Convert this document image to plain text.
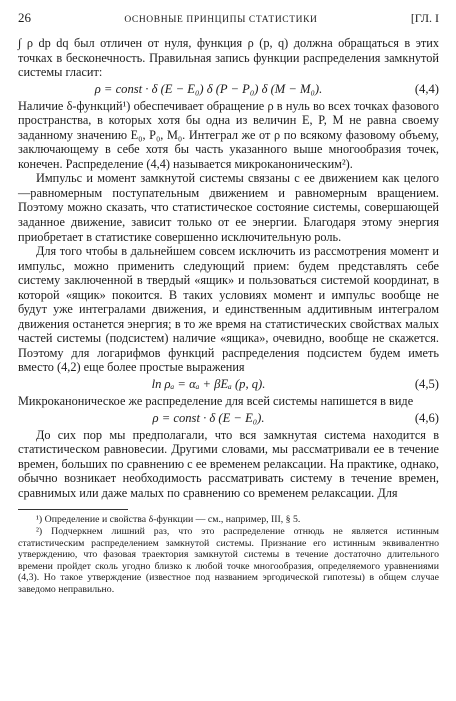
26	ОСНОВНЫЕ ПРИНЦИПЫ СТАТИСТИКИ	[ГЛ. I

∫ ρ dp dq был отличен от нуля, функция ρ (p, q) должна обращаться в этих точках в бесконечность. Правильная запись функции распределения замкнутой системы гласит:

ρ = const · δ (E − E₀) δ (P − P₀) δ (M − M₀).	(4,4)

Наличие δ-функций¹) обеспечивает обращение ρ в нуль во всех точках фазового пространства, в которых хотя бы одна из величин E, P, M не равна своему заданному значению E₀, P₀, M₀. Интеграл же от ρ по всякому фазовому объему, заключающему в себе хотя бы часть указанного выше многообразия точек, конечен. Распределение (4,4) называется микроканоническим²).

Импульс и момент замкнутой системы связаны с ее движением как целого—равномерным поступательным движением и равномерным вращением. Поэтому можно сказать, что статистическое состояние системы, совершающей заданное движение, зависит только от ее энергии. Благодаря этому энергия приобретает в статистике совершенно исключительную роль.

Для того чтобы в дальнейшем совсем исключить из рассмотрения момент и импульс, можно применить следующий прием: будем представлять себе систему заключенной в твердый «ящик» и пользоваться системой координат, в которой «ящик» покоится. В таких условиях момент и импульс вообще не будут уже интегралами движения, и единственным аддитивным интегралом движения останется энергия; в то же время на статистических свойствах малых частей системы (подсистем) наличие «ящика», очевидно, вообще не скажется. Поэтому для логарифмов функций распределения подсистем будем иметь вместо (4,2) еще более простые выражения

ln ρₐ = αₐ + βEₐ (p, q).	(4,5)

Микроканоническое же распределение для всей системы напишется в виде

ρ = const · δ (E − E₀).	(4,6)

До сих пор мы предполагали, что вся замкнутая система находится в статистическом равновесии. Другими словами, мы рассматривали ее в течение времен, больших по сравнению с ее временем релаксации. На практике, однако, обычно возникает необходимость рассматривать систему в течение времен, сравнимых или даже малых по сравнению со временем релаксации. Для

¹) Определение и свойства δ-функции — см., например, III, § 5.
²) Подчеркнем лишний раз, что это распределение отнюдь не является истинным статистическим распределением замкнутой системы. Признание его истинным эквивалентно утверждению, что фазовая траектория замкнутой системы в течение достаточно длительного времени пройдет сколь угодно близко к любой точке многообразия, определяемого уравнениями (4,3). Но такое утверждение (известное под названием эргодической гипотезы) в общем случае заведомо неправильно.
